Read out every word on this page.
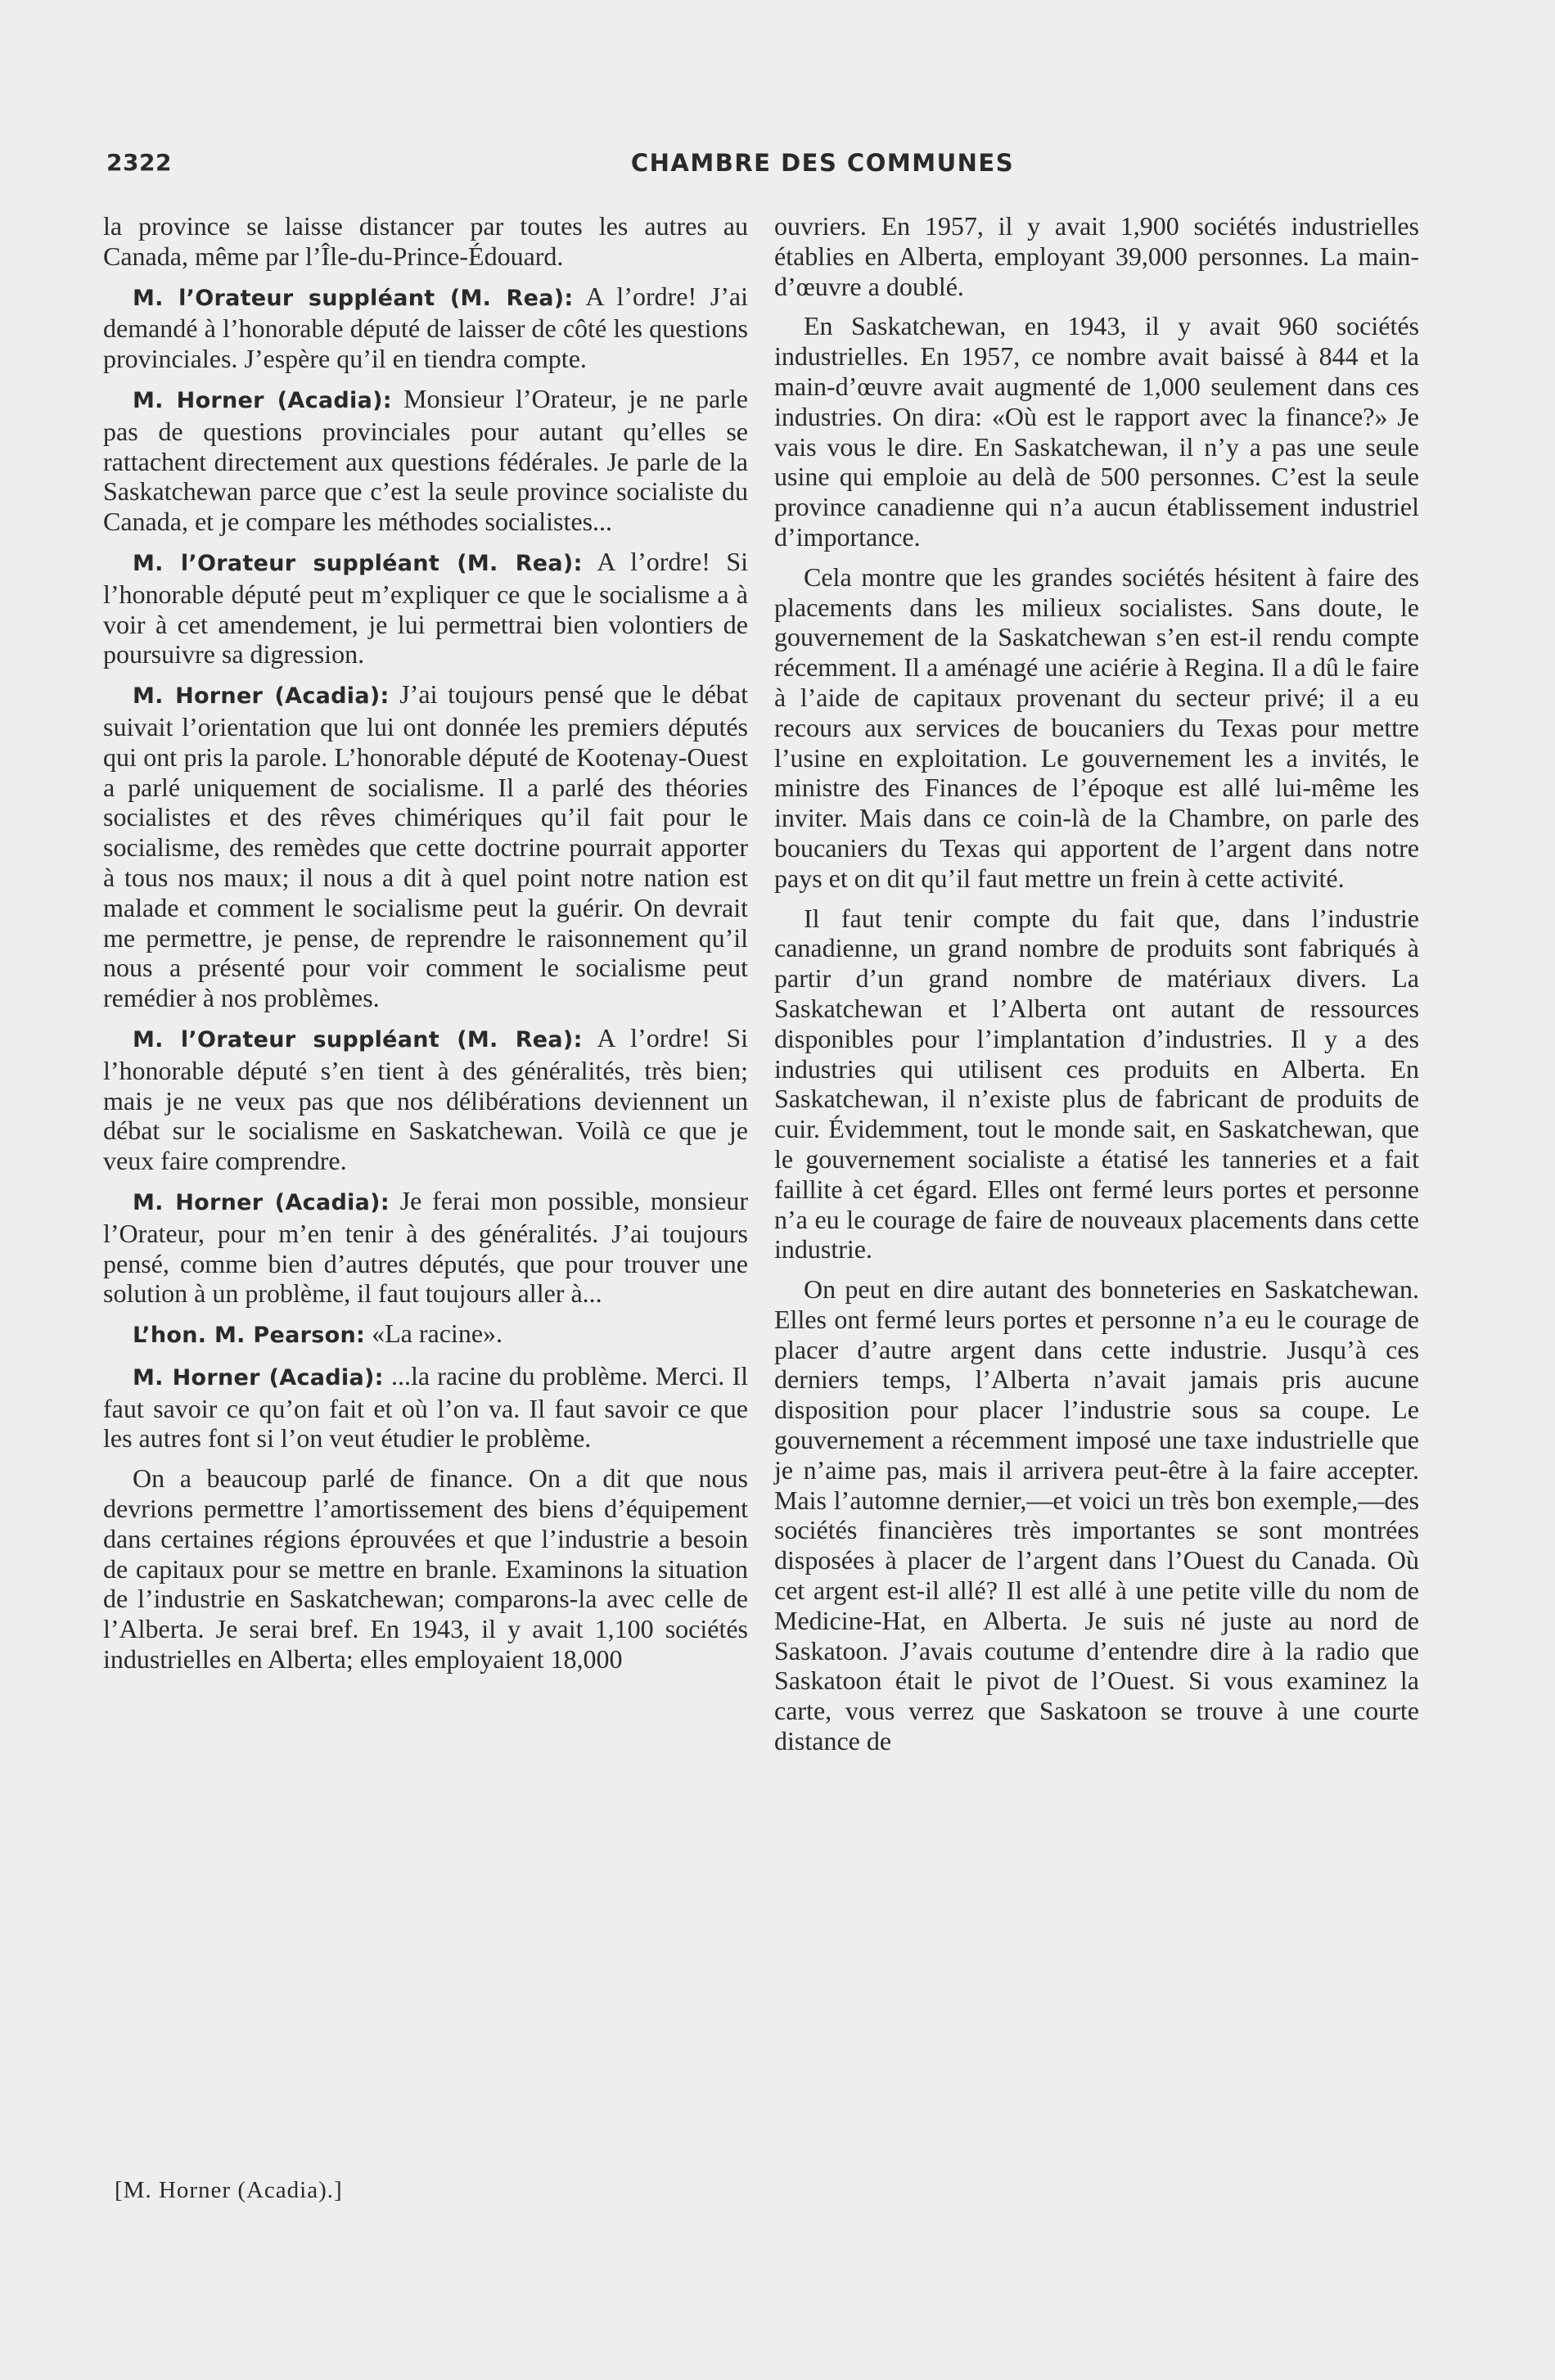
2322	CHAMBRE DES COMMUNES

la province se laisse distancer par toutes les autres au Canada, même par l’Île-du-Prince-Édouard.

M. l’Orateur suppléant (M. Rea): A l’ordre! J’ai demandé à l’honorable député de laisser de côté les questions provinciales. J’espère qu’il en tiendra compte.

M. Horner (Acadia): Monsieur l’Orateur, je ne parle pas de questions provinciales pour autant qu’elles se rattachent directement aux questions fédérales. Je parle de la Saskatchewan parce que c’est la seule province socialiste du Canada, et je compare les méthodes socialistes...

M. l’Orateur suppléant (M. Rea): A l’ordre! Si l’honorable député peut m’expliquer ce que le socialisme a à voir à cet amendement, je lui permettrai bien volontiers de poursuivre sa digression.

M. Horner (Acadia): J’ai toujours pensé que le débat suivait l’orientation que lui ont donnée les premiers députés qui ont pris la parole. L’honorable député de Kootenay-Ouest a parlé uniquement de socialisme. Il a parlé des théories socialistes et des rêves chimériques qu’il fait pour le socialisme, des remèdes que cette doctrine pourrait apporter à tous nos maux; il nous a dit à quel point notre nation est malade et comment le socialisme peut la guérir. On devrait me permettre, je pense, de reprendre le raisonnement qu’il nous a présenté pour voir comment le socialisme peut remédier à nos problèmes.

M. l’Orateur suppléant (M. Rea): A l’ordre! Si l’honorable député s’en tient à des généralités, très bien; mais je ne veux pas que nos délibérations deviennent un débat sur le socialisme en Saskatchewan. Voilà ce que je veux faire comprendre.

M. Horner (Acadia): Je ferai mon possible, monsieur l’Orateur, pour m’en tenir à des généralités. J’ai toujours pensé, comme bien d’autres députés, que pour trouver une solution à un problème, il faut toujours aller à...

L’hon. M. Pearson: «La racine».

M. Horner (Acadia): ...la racine du problème. Merci. Il faut savoir ce qu’on fait et où l’on va. Il faut savoir ce que les autres font si l’on veut étudier le problème.

On a beaucoup parlé de finance. On a dit que nous devrions permettre l’amortissement des biens d’équipement dans certaines régions éprouvées et que l’industrie a besoin de capitaux pour se mettre en branle. Examinons la situation de l’industrie en Saskatchewan; comparons-la avec celle de l’Alberta. Je serai bref. En 1943, il y avait 1,100 sociétés industrielles en Alberta; elles employaient 18,000

ouvriers. En 1957, il y avait 1,900 sociétés industrielles établies en Alberta, employant 39,000 personnes. La main-d’œuvre a doublé.

En Saskatchewan, en 1943, il y avait 960 sociétés industrielles. En 1957, ce nombre avait baissé à 844 et la main-d’œuvre avait augmenté de 1,000 seulement dans ces industries. On dira: «Où est le rapport avec la finance?» Je vais vous le dire. En Saskatchewan, il n’y a pas une seule usine qui emploie au delà de 500 personnes. C’est la seule province canadienne qui n’a aucun établissement industriel d’importance.

Cela montre que les grandes sociétés hésitent à faire des placements dans les milieux socialistes. Sans doute, le gouvernement de la Saskatchewan s’en est-il rendu compte récemment. Il a aménagé une aciérie à Regina. Il a dû le faire à l’aide de capitaux provenant du secteur privé; il a eu recours aux services de boucaniers du Texas pour mettre l’usine en exploitation. Le gouvernement les a invités, le ministre des Finances de l’époque est allé lui-même les inviter. Mais dans ce coin-là de la Chambre, on parle des boucaniers du Texas qui apportent de l’argent dans notre pays et on dit qu’il faut mettre un frein à cette activité.

Il faut tenir compte du fait que, dans l’industrie canadienne, un grand nombre de produits sont fabriqués à partir d’un grand nombre de matériaux divers. La Saskatchewan et l’Alberta ont autant de ressources disponibles pour l’implantation d’industries. Il y a des industries qui utilisent ces produits en Alberta. En Saskatchewan, il n’existe plus de fabricant de produits de cuir. Évidemment, tout le monde sait, en Saskatchewan, que le gouvernement socialiste a étatisé les tanneries et a fait faillite à cet égard. Elles ont fermé leurs portes et personne n’a eu le courage de faire de nouveaux placements dans cette industrie.

On peut en dire autant des bonneteries en Saskatchewan. Elles ont fermé leurs portes et personne n’a eu le courage de placer d’autre argent dans cette industrie. Jusqu’à ces derniers temps, l’Alberta n’avait jamais pris aucune disposition pour placer l’industrie sous sa coupe. Le gouvernement a récemment imposé une taxe industrielle que je n’aime pas, mais il arrivera peut-être à la faire accepter. Mais l’automne dernier,—et voici un très bon exemple,—des sociétés financières très importantes se sont montrées disposées à placer de l’argent dans l’Ouest du Canada. Où cet argent est-il allé? Il est allé à une petite ville du nom de Medicine-Hat, en Alberta. Je suis né juste au nord de Saskatoon. J’avais coutume d’entendre dire à la radio que Saskatoon était le pivot de l’Ouest. Si vous examinez la carte, vous verrez que Saskatoon se trouve à une courte distance de

[M. Horner (Acadia).]
